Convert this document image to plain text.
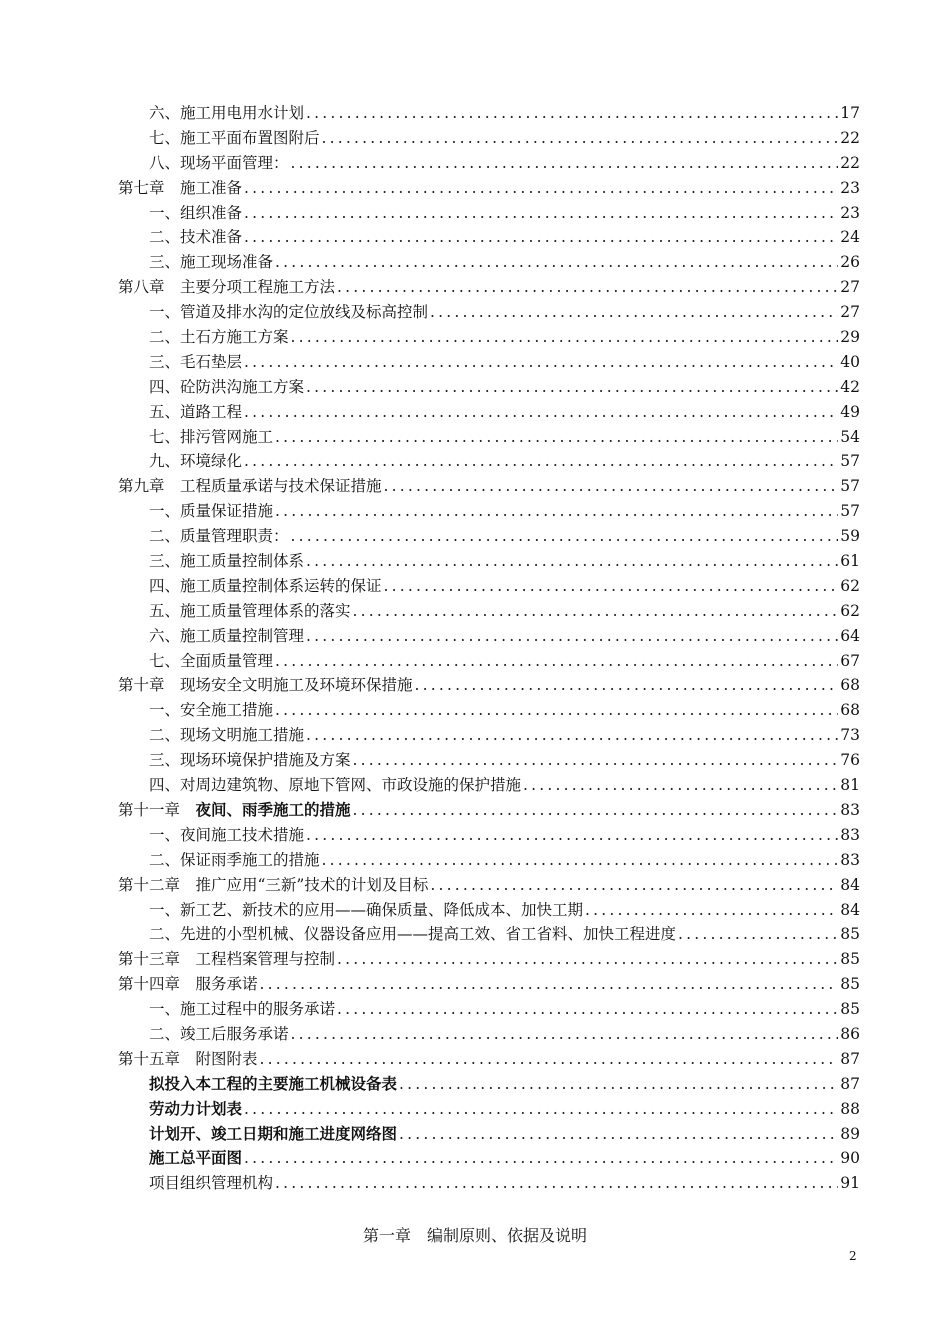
六、施工用电用水计划 .....	17
七、施工平面布置图附后 .....	22
八、现场平面管理： .....	22
第七章　施工准备 .....	23
一、组织准备 .....	23
二、技术准备 .....	24
三、施工现场准备 .....	26
第八章　主要分项工程施工方法 .....	27
一、管道及排水沟的定位放线及标高控制 .....	27
二、土石方施工方案 .....	29
三、毛石垫层 .....	40
四、砼防洪沟施工方案 .....	42
五、道路工程 .....	49
七、排污管网施工 .....	54
九、环境绿化 .....	57
第九章　工程质量承诺与技术保证措施 .....	57
一、质量保证措施 .....	57
二、质量管理职责： .....	59
三、施工质量控制体系 .....	61
四、施工质量控制体系运转的保证 .....	62
五、施工质量管理体系的落实 .....	62
六、施工质量控制管理 .....	64
七、全面质量管理 .....	67
第十章　现场安全文明施工及环境环保措施 .....	68
一、安全施工措施 .....	68
二、现场文明施工措施 .....	73
三、现场环境保护措施及方案 .....	76
四、对周边建筑物、原地下管网、市政设施的保护措施 .....	81
第十一章　夜间、雨季施工的措施 .....	83
一、夜间施工技术措施 .....	83
二、保证雨季施工的措施 .....	83
第十二章　推广应用“三新”技术的计划及目标 .....	84
一、新工艺、新技术的应用——确保质量、降低成本、加快工期 .....	84
二、先进的小型机械、仪器设备应用——提高工效、省工省料、加快工程进度 .....	85
第十三章　工程档案管理与控制 .....	85
第十四章　服务承诺 .....	85
一、施工过程中的服务承诺 .....	85
二、竣工后服务承诺 .....	86
第十五章　附图附表 .....	87
拟投入本工程的主要施工机械设备表 .....	87
劳动力计划表 .....	88
计划开、竣工日期和施工进度网络图 .....	89
施工总平面图 .....	90
项目组织管理机构 .....	91
第一章　编制原则、依据及说明
2
